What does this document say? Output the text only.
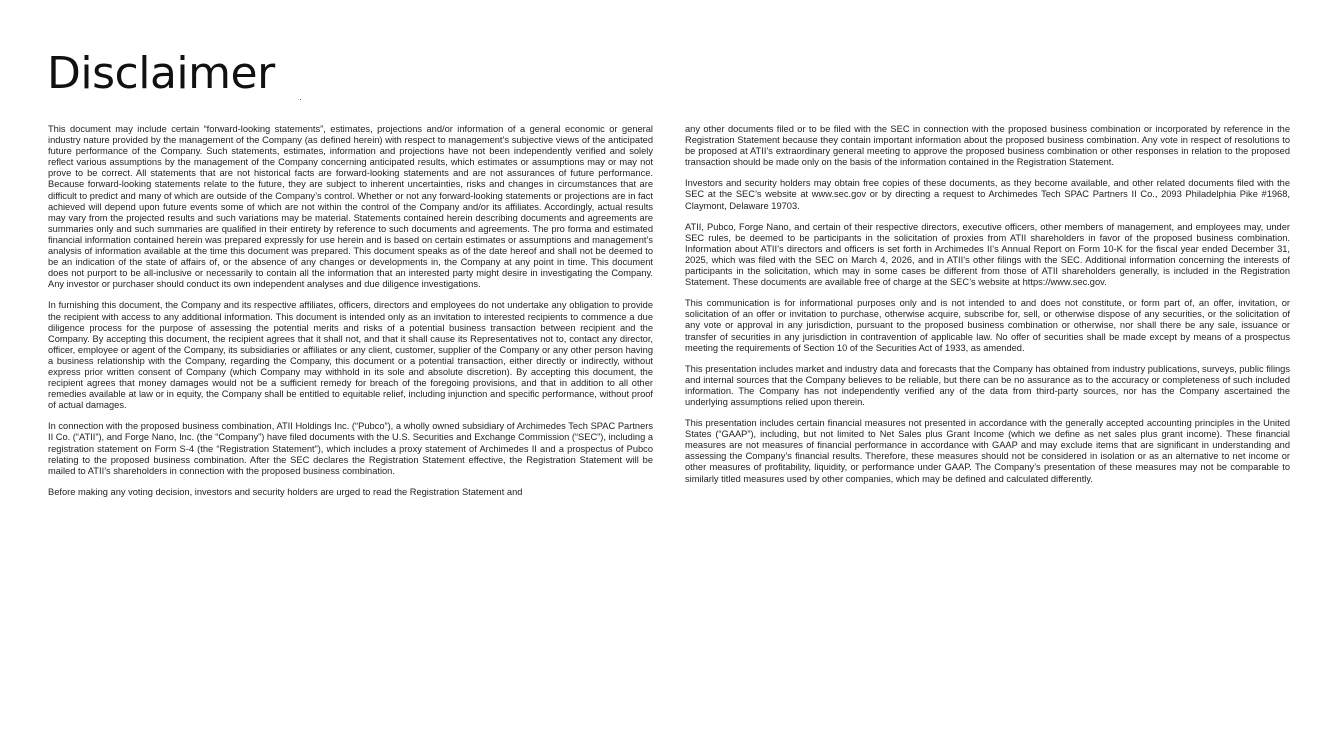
Disclaimer

This document may include certain “forward-looking statements”, estimates, projections and/or information of a general economic or general industry nature provided by the management of the Company (as defined herein) with respect to management’s subjective views of the anticipated future performance of the Company. Such statements, estimates, information and projections have not been independently verified and solely reflect various assumptions by the management of the Company concerning anticipated results, which estimates or assumptions may or may not prove to be correct. All statements that are not historical facts are forward-looking statements and are not assurances of future performance. Because forward-looking statements relate to the future, they are subject to inherent uncertainties, risks and changes in circumstances that are difficult to predict and many of which are outside of the Company’s control. Whether or not any forward-looking statements or projections are in fact achieved will depend upon future events some of which are not within the control of the Company and/or its affiliates. Accordingly, actual results may vary from the projected results and such variations may be material. Statements contained herein describing documents and agreements are summaries only and such summaries are qualified in their entirety by reference to such documents and agreements. The pro forma and estimated financial information contained herein was prepared expressly for use herein and is based on certain estimates or assumptions and management’s analysis of information available at the time this document was prepared. This document speaks as of the date hereof and shall not be deemed to be an indication of the state of affairs of, or the absence of any changes or developments in, the Company at any point in time. This document does not purport to be all-inclusive or necessarily to contain all the information that an interested party might desire in investigating the Company. Any investor or purchaser should conduct its own independent analyses and due diligence investigations.

In furnishing this document, the Company and its respective affiliates, officers, directors and employees do not undertake any obligation to provide the recipient with access to any additional information. This document is intended only as an invitation to interested recipients to commence a due diligence process for the purpose of assessing the potential merits and risks of a potential business transaction between recipient and the Company. By accepting this document, the recipient agrees that it shall not, and that it shall cause its Representatives not to, contact any director, officer, employee or agent of the Company, its subsidiaries or affiliates or any client, customer, supplier of the Company or any other person having a business relationship with the Company, regarding the Company, this document or a potential transaction, either directly or indirectly, without express prior written consent of Company (which Company may withhold in its sole and absolute discretion). By accepting this document, the recipient agrees that money damages would not be a sufficient remedy for breach of the foregoing provisions, and that in addition to all other remedies available at law or in equity, the Company shall be entitled to equitable relief, including injunction and specific performance, without proof of actual damages.

In connection with the proposed business combination, ATII Holdings Inc. (“Pubco”), a wholly owned subsidiary of Archimedes Tech SPAC Partners II Co. (“ATII”), and Forge Nano, Inc. (the “Company”) have filed documents with the U.S. Securities and Exchange Commission (“SEC”), including a registration statement on Form S-4 (the “Registration Statement”), which includes a proxy statement of Archimedes II and a prospectus of Pubco relating to the proposed business combination. After the SEC declares the Registration Statement effective, the Registration Statement will be mailed to ATII’s shareholders in connection with the proposed business combination.

Before making any voting decision, investors and security holders are urged to read the Registration Statement and

any other documents filed or to be filed with the SEC in connection with the proposed business combination or incorporated by reference in the Registration Statement because they contain important information about the proposed business combination. Any vote in respect of resolutions to be proposed at ATII’s extraordinary general meeting to approve the proposed business combination or other responses in relation to the proposed transaction should be made only on the basis of the information contained in the Registration Statement.

Investors and security holders may obtain free copies of these documents, as they become available, and other related documents filed with the SEC at the SEC’s website at www.sec.gov or by directing a request to Archimedes Tech SPAC Partners II Co., 2093 Philadelphia Pike #1968, Claymont, Delaware 19703.

ATII, Pubco, Forge Nano, and certain of their respective directors, executive officers, other members of management, and employees may, under SEC rules, be deemed to be participants in the solicitation of proxies from ATII shareholders in favor of the proposed business combination. Information about ATII’s directors and officers is set forth in Archimedes II’s Annual Report on Form 10-K for the fiscal year ended December 31, 2025, which was filed with the SEC on March 4, 2026, and in ATII’s other filings with the SEC. Additional information concerning the interests of participants in the solicitation, which may in some cases be different from those of ATII shareholders generally, is included in the Registration Statement. These documents are available free of charge at the SEC’s website at https://www.sec.gov.

This communication is for informational purposes only and is not intended to and does not constitute, or form part of, an offer, invitation, or solicitation of an offer or invitation to purchase, otherwise acquire, subscribe for, sell, or otherwise dispose of any securities, or the solicitation of any vote or approval in any jurisdiction, pursuant to the proposed business combination or otherwise, nor shall there be any sale, issuance or transfer of securities in any jurisdiction in contravention of applicable law. No offer of securities shall be made except by means of a prospectus meeting the requirements of Section 10 of the Securities Act of 1933, as amended.

This presentation includes market and industry data and forecasts that the Company has obtained from industry publications, surveys, public filings and internal sources that the Company believes to be reliable, but there can be no assurance as to the accuracy or completeness of such included information. The Company has not independently verified any of the data from third-party sources, nor has the Company ascertained the underlying assumptions relied upon therein.

This presentation includes certain financial measures not presented in accordance with the generally accepted accounting principles in the United States (“GAAP”), including, but not limited to Net Sales plus Grant Income (which we define as net sales plus grant income). These financial measures are not measures of financial performance in accordance with GAAP and may exclude items that are significant in understanding and assessing the Company’s financial results. Therefore, these measures should not be considered in isolation or as an alternative to net income or other measures of profitability, liquidity, or performance under GAAP. The Company’s presentation of these measures may not be comparable to similarly titled measures used by other companies, which may be defined and calculated differently.
